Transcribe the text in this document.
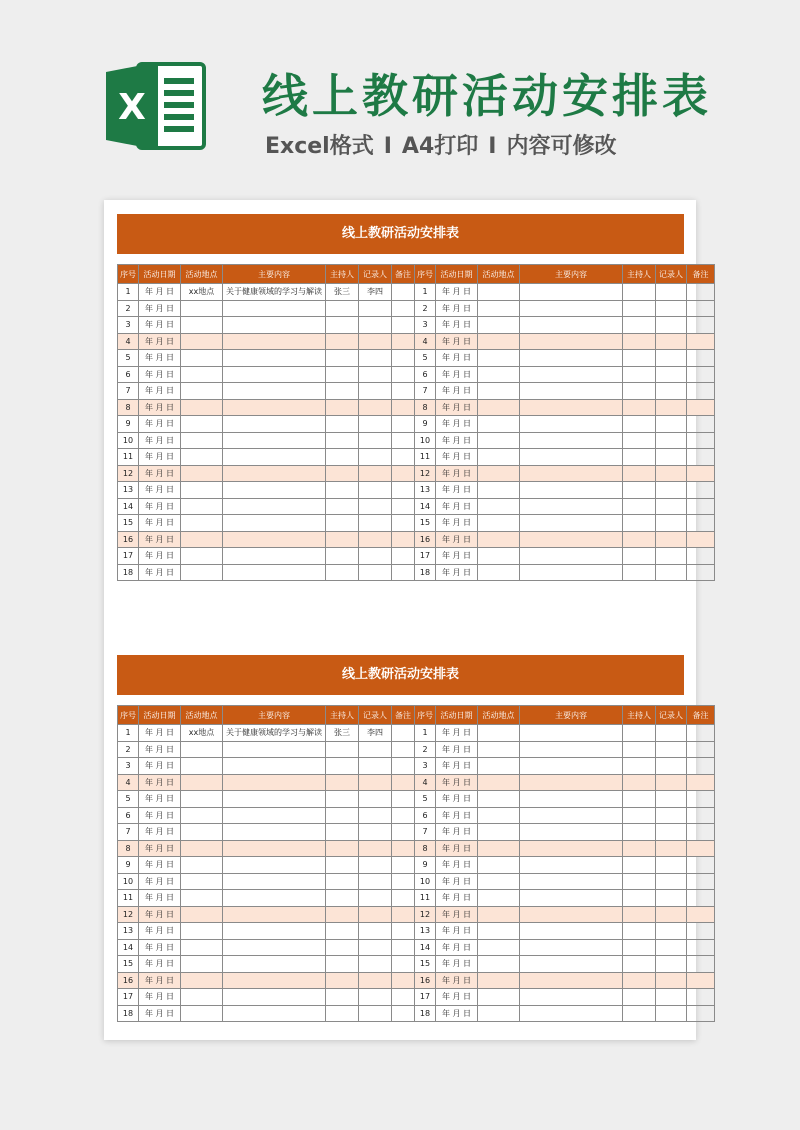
X	线上教研活动安排表
Excel格式 I A4打印 I 内容可修改
线上教研活动安排表
序号	活动日期	活动地点	主要内容	主持人	记录人	备注	序号	活动日期	活动地点	主要内容	主持人	记录人	备注
1	年 月 日	xx地点	关于健康领域的学习与解读	张三	李四		1	年 月 日					
2	年 月 日						2	年 月 日					
3	年 月 日						3	年 月 日					
4	年 月 日						4	年 月 日					
5	年 月 日						5	年 月 日					
6	年 月 日						6	年 月 日					
7	年 月 日						7	年 月 日					
8	年 月 日						8	年 月 日					
9	年 月 日						9	年 月 日					
10	年 月 日						10	年 月 日					
11	年 月 日						11	年 月 日					
12	年 月 日						12	年 月 日					
13	年 月 日						13	年 月 日					
14	年 月 日						14	年 月 日					
15	年 月 日						15	年 月 日					
16	年 月 日						16	年 月 日					
17	年 月 日						17	年 月 日					
18	年 月 日						18	年 月 日					
线上教研活动安排表
序号	活动日期	活动地点	主要内容	主持人	记录人	备注	序号	活动日期	活动地点	主要内容	主持人	记录人	备注
1	年 月 日	xx地点	关于健康领域的学习与解读	张三	李四		1	年 月 日					
2	年 月 日						2	年 月 日					
3	年 月 日						3	年 月 日					
4	年 月 日						4	年 月 日					
5	年 月 日						5	年 月 日					
6	年 月 日						6	年 月 日					
7	年 月 日						7	年 月 日					
8	年 月 日						8	年 月 日					
9	年 月 日						9	年 月 日					
10	年 月 日						10	年 月 日					
11	年 月 日						11	年 月 日					
12	年 月 日						12	年 月 日					
13	年 月 日						13	年 月 日					
14	年 月 日						14	年 月 日					
15	年 月 日						15	年 月 日					
16	年 月 日						16	年 月 日					
17	年 月 日						17	年 月 日					
18	年 月 日						18	年 月 日					
